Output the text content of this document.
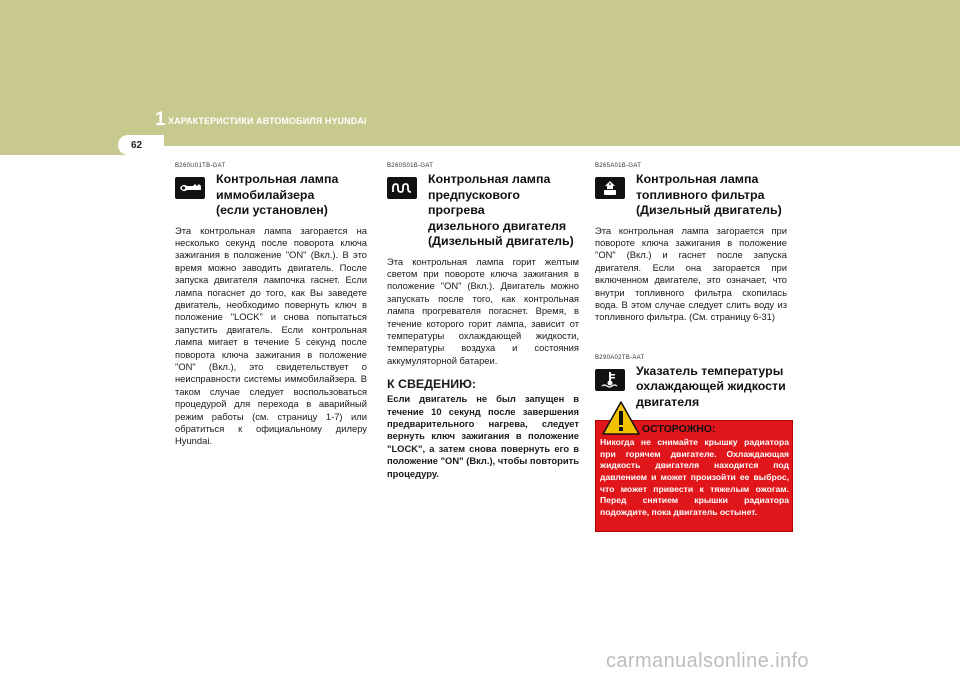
1 ХАРАКТЕРИСТИКИ АВТОМОБИЛЯ HYUNDAI
62
B260U01TB-GAT
Контрольная лампа
иммобилайзера
(если установлен)
Эта контрольная лампа загорается на несколько секунд после поворота ключа зажигания в положение "ON" (Вкл.). В это время можно заводить двигатель. После запуска двигателя лампочка гаснет. Если лампа погаснет до того, как Вы заведете двигатель, необходимо повернуть ключ в положение "LOCK" и снова попытаться запустить двигатель. Если контрольная лампа мигает в течение 5 секунд после поворота ключа зажигания в положение "ON" (Вкл.), это свидетельствует о неисправности системы иммобилайзера. В таком случае следует воспользоваться процедурой для перехода в аварийный режим работы (см. страницу 1-7) или обратиться к официальному дилеру Hyundai.
B260S01B-GAT
Контрольная лампа
предпускового прогрева
дизельного двигателя
(Дизельный двигатель)
Эта контрольная лампа горит желтым светом при повороте ключа зажигания в положение "ON" (Вкл.). Двигатель можно запускать после того, как контрольная лампа прогревателя погаснет. Время, в течение которого горит лампа, зависит от температуры охлаждающей жидкости, температуры воздуха и состояния аккумуляторной батареи.
К СВЕДЕНИЮ:
Если двигатель не был запущен в течение 10 секунд после завершения предварительного нагрева, следует вернуть ключ зажигания в положение "LOCK", а затем снова повернуть его в положение "ON" (Вкл.), чтобы повторить процедуру.
B265A01B-GAT
Контрольная лампа
топливного фильтра
(Дизельный двигатель)
Эта контрольная лампа загорается при повороте ключа зажигания в положение "ON" (Вкл.) и гаснет после запуска двигателя. Если она загорается при включенном двигателе, это означает, что внутри топливного фильтра скопилась вода. В этом случае следует слить воду из топливного фильтра. (См. страницу 6-31)
B290A02TB-AAT
Указатель температуры
охлаждающей жидкости
двигателя
ОСТОРОЖНО:
Никогда не снимайте крышку радиатора при горячем двигателе. Охлаждающая жидкость двигателя находится под давлением и может произойти ее выброс, что может привести к тяжелым ожогам. Перед снятием крышки радиатора подождите, пока двигатель остынет.
carmanualsonline.info
